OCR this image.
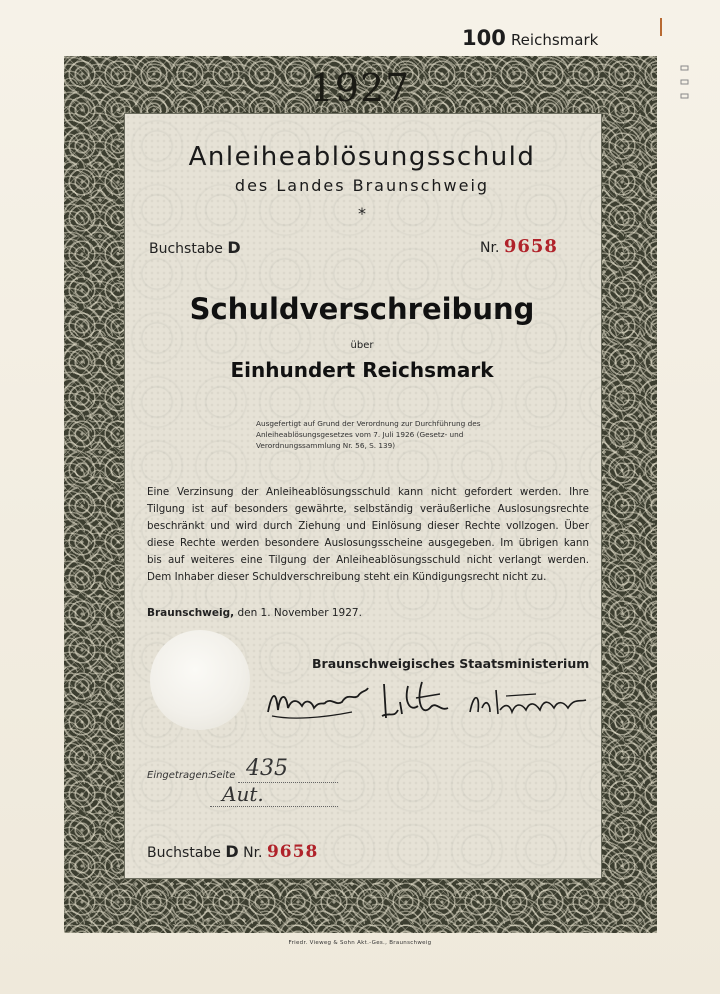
100 Reichsmark
1927
Anleiheablösungsschuld
des Landes Braunschweig
*
Buchstabe D	Nr. 9658
Schuldverschreibung
über
Einhundert Reichsmark
Ausgefertigt auf Grund der Verordnung zur Durchführung des Anleiheablösungsgesetzes vom 7. Juli 1926 (Gesetz- und Verordnungssammlung Nr. 56, S. 139)
Eine Verzinsung der Anleiheablösungsschuld kann nicht gefordert werden. Ihre Tilgung ist auf besonders gewährte, selbständig veräußerliche Auslosungsrechte beschränkt und wird durch Ziehung und Einlösung dieser Rechte vollzogen. Über diese Rechte werden besondere Auslosungsscheine ausgegeben. Im übrigen kann bis auf weiteres eine Tilgung der Anleiheablösungsschuld nicht verlangt werden. Dem Inhaber dieser Schuldverschreibung steht ein Kündigungsrecht nicht zu.
Braunschweig, den 1. November 1927.
Braunschweigisches Staatsministerium
Eingetragen:
Seite 435
Aut.
Buchstabe D Nr. 9658
Friedr. Vieweg & Sohn Akt.-Ges., Braunschweig
